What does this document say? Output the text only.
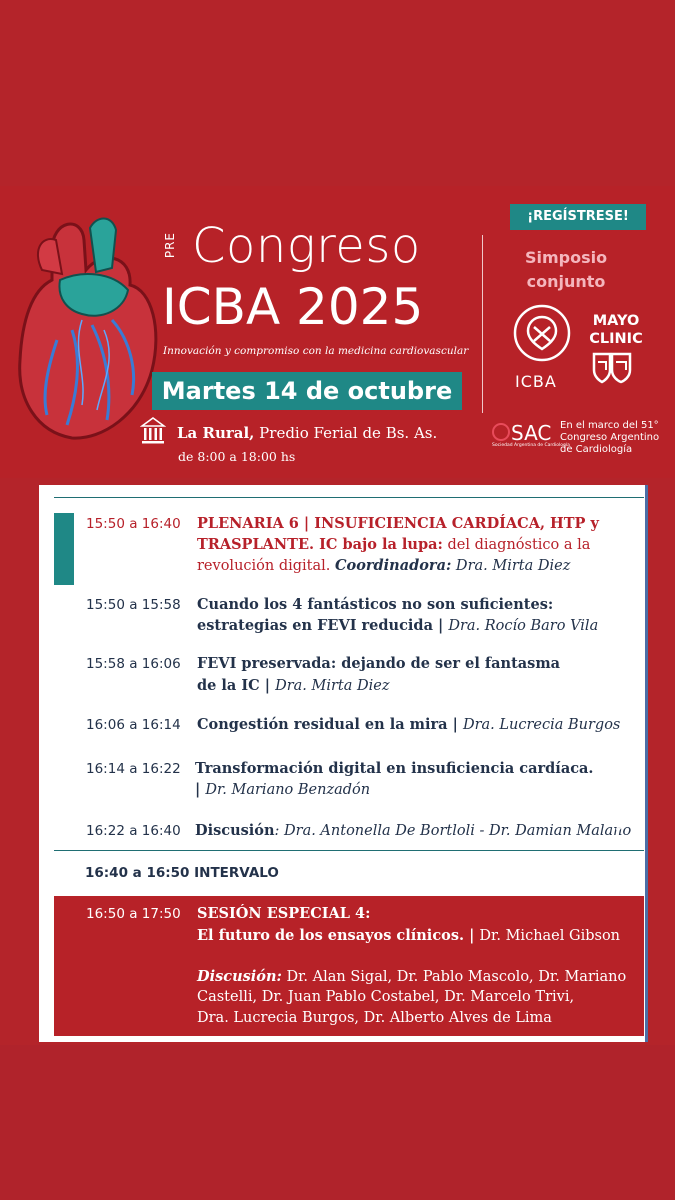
PRE Congreso
ICBA 2025
Innovación y compromiso con la medicina cardiovascular
Martes 14 de octubre
La Rural, Predio Ferial de Bs. As.
de 8:00 a 18:00 hs
¡REGÍSTRESE!
Simposio
conjunto
ICBA
MAYO
CLINIC
SAC
Sociedad Argentina de Cardiología
En el marco del 51°
Congreso Argentino
de Cardiología
15:50 a 16:40 PLENARIA 6 | INSUFICIENCIA CARDÍACA, HTP y
TRASPLANTE. IC bajo la lupa: del diagnóstico a la
revolución digital. Coordinadora: Dra. Mirta Diez
15:50 a 15:58 Cuando los 4 fantásticos no son suficientes:
estrategias en FEVI reducida | Dra. Rocío Baro Vila
15:58 a 16:06 FEVI preservada: dejando de ser el fantasma
de la IC | Dra. Mirta Diez
16:06 a 16:14 Congestión residual en la mira | Dra. Lucrecia Burgos
16:14 a 16:22 Transformación digital en insuficiencia cardíaca.
| Dr. Mariano Benzadón
16:22 a 16:40 Discusión: Dra. Antonella De Bortloli - Dr. Damian Malano
16:40 a 16:50 INTERVALO
16:50 a 17:50 SESIÓN ESPECIAL 4:
El futuro de los ensayos clínicos. | Dr. Michael Gibson
Discusión: Dr. Alan Sigal, Dr. Pablo Mascolo, Dr. Mariano
Castelli, Dr. Juan Pablo Costabel, Dr. Marcelo Trivi,
Dra. Lucrecia Burgos, Dr. Alberto Alves de Lima
